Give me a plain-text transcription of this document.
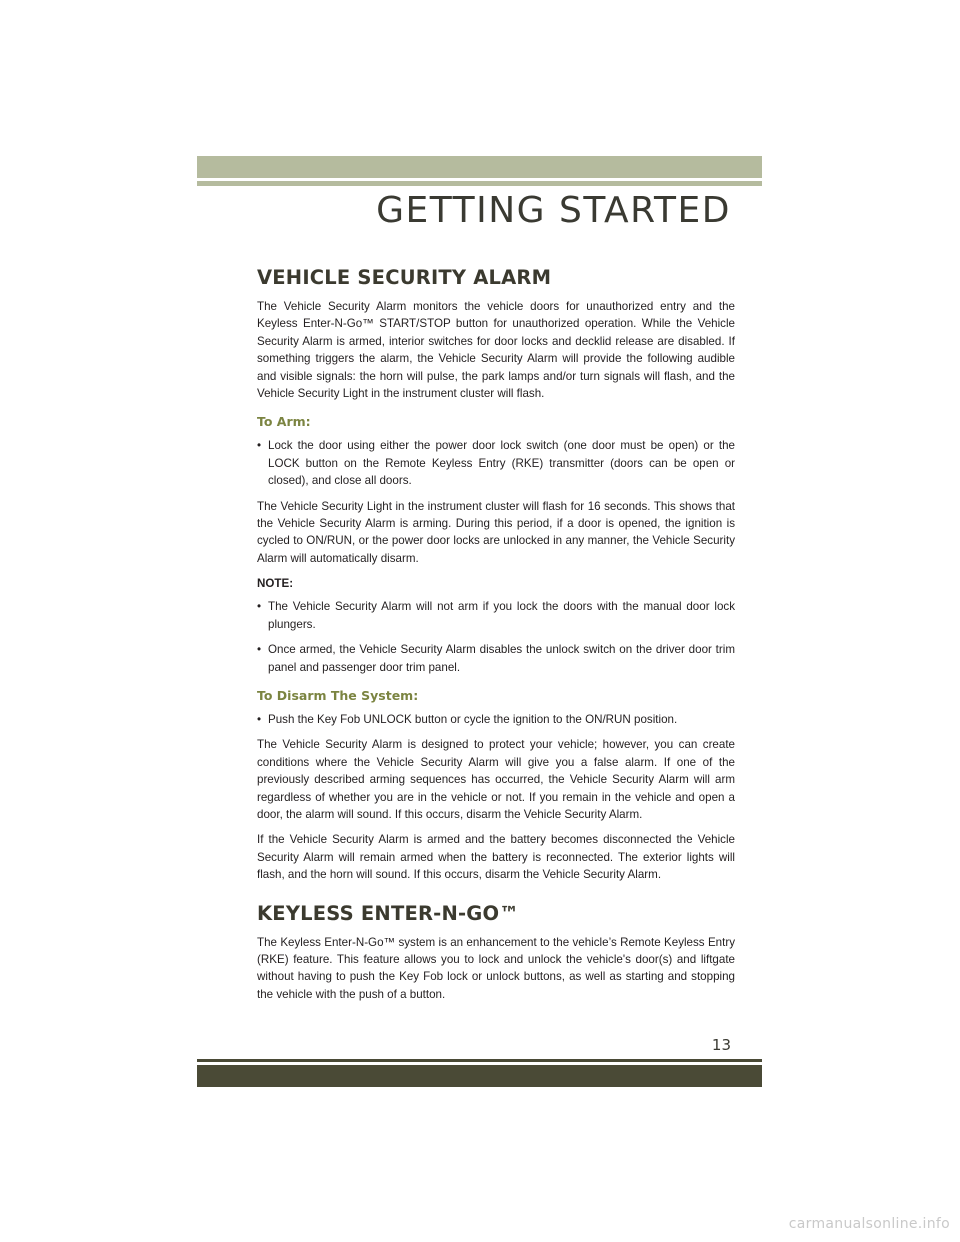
GETTING STARTED
VEHICLE SECURITY ALARM

The Vehicle Security Alarm monitors the vehicle doors for unauthorized entry and the Keyless Enter-N-Go™ START/STOP button for unauthorized operation. While the Vehicle Security Alarm is armed, interior switches for door locks and decklid release are disabled. If something triggers the alarm, the Vehicle Security Alarm will provide the following audible and visible signals: the horn will pulse, the park lamps and/or turn signals will flash, and the Vehicle Security Light in the instrument cluster will flash.

To Arm:
• Lock the door using either the power door lock switch (one door must be open) or the LOCK button on the Remote Keyless Entry (RKE) transmitter (doors can be open or closed), and close all doors.

The Vehicle Security Light in the instrument cluster will flash for 16 seconds. This shows that the Vehicle Security Alarm is arming. During this period, if a door is opened, the ignition is cycled to ON/RUN, or the power door locks are unlocked in any manner, the Vehicle Security Alarm will automatically disarm.

NOTE:
• The Vehicle Security Alarm will not arm if you lock the doors with the manual door lock plungers.
• Once armed, the Vehicle Security Alarm disables the unlock switch on the driver door trim panel and passenger door trim panel.
To Disarm The System:
• Push the Key Fob UNLOCK button or cycle the ignition to the ON/RUN position.

The Vehicle Security Alarm is designed to protect your vehicle; however, you can create conditions where the Vehicle Security Alarm will give you a false alarm. If one of the previously described arming sequences has occurred, the Vehicle Security Alarm will arm regardless of whether you are in the vehicle or not. If you remain in the vehicle and open a door, the alarm will sound. If this occurs, disarm the Vehicle Security Alarm.

If the Vehicle Security Alarm is armed and the battery becomes disconnected the Vehicle Security Alarm will remain armed when the battery is reconnected. The exterior lights will flash, and the horn will sound. If this occurs, disarm the Vehicle Security Alarm.

KEYLESS ENTER-N-GO™

The Keyless Enter-N-Go™ system is an enhancement to the vehicle’s Remote Keyless Entry (RKE) feature. This feature allows you to lock and unlock the vehicle's door(s) and liftgate without having to push the Key Fob lock or unlock buttons, as well as starting and stopping the vehicle with the push of a button.

13
carmanualsonline.info
